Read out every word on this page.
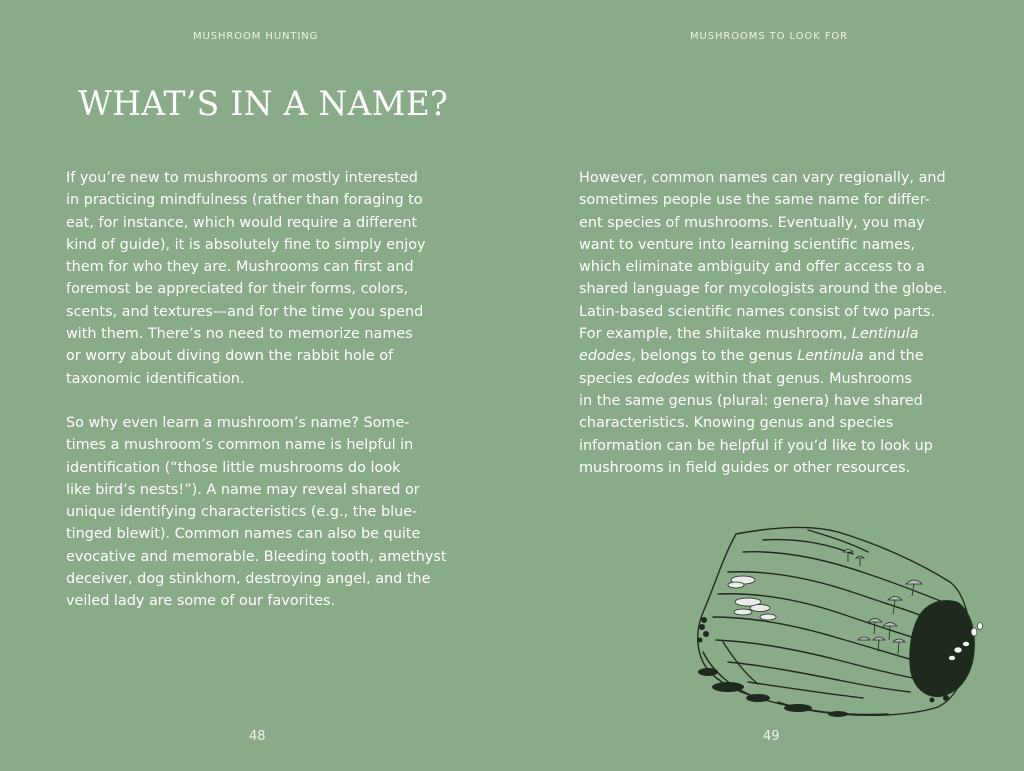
MUSHROOM HUNTING
WHAT’S IN A NAME?

If you’re new to mushrooms or mostly interested
in practicing mindfulness (rather than foraging to
eat, for instance, which would require a different
kind of guide), it is absolutely fine to simply enjoy
them for who they are. Mushrooms can first and
foremost be appreciated for their forms, colors,
scents, and textures—and for the time you spend
with them. There’s no need to memorize names
or worry about diving down the rabbit hole of
taxonomic identification.

So why even learn a mushroom’s name? Some-
times a mushroom’s common name is helpful in
identification (“those little mushrooms do look
like bird’s nests!”). A name may reveal shared or
unique identifying characteristics (e.g., the blue-
tinged blewit). Common names can also be quite
evocative and memorable. Bleeding tooth, amethyst
deceiver, dog stinkhorn, destroying angel, and the
veiled lady are some of our favorites.

48
MUSHROOMS TO LOOK FOR

However, common names can vary regionally, and
sometimes people use the same name for differ-
ent species of mushrooms. Eventually, you may
want to venture into learning scientific names,
which eliminate ambiguity and offer access to a
shared language for mycologists around the globe.
Latin-based scientific names consist of two parts.
For example, the shiitake mushroom, Lentinula
edodes, belongs to the genus Lentinula and the
species edodes within that genus. Mushrooms
in the same genus (plural: genera) have shared
characteristics. Knowing genus and species
information can be helpful if you’d like to look up
mushrooms in field guides or other resources.

49
